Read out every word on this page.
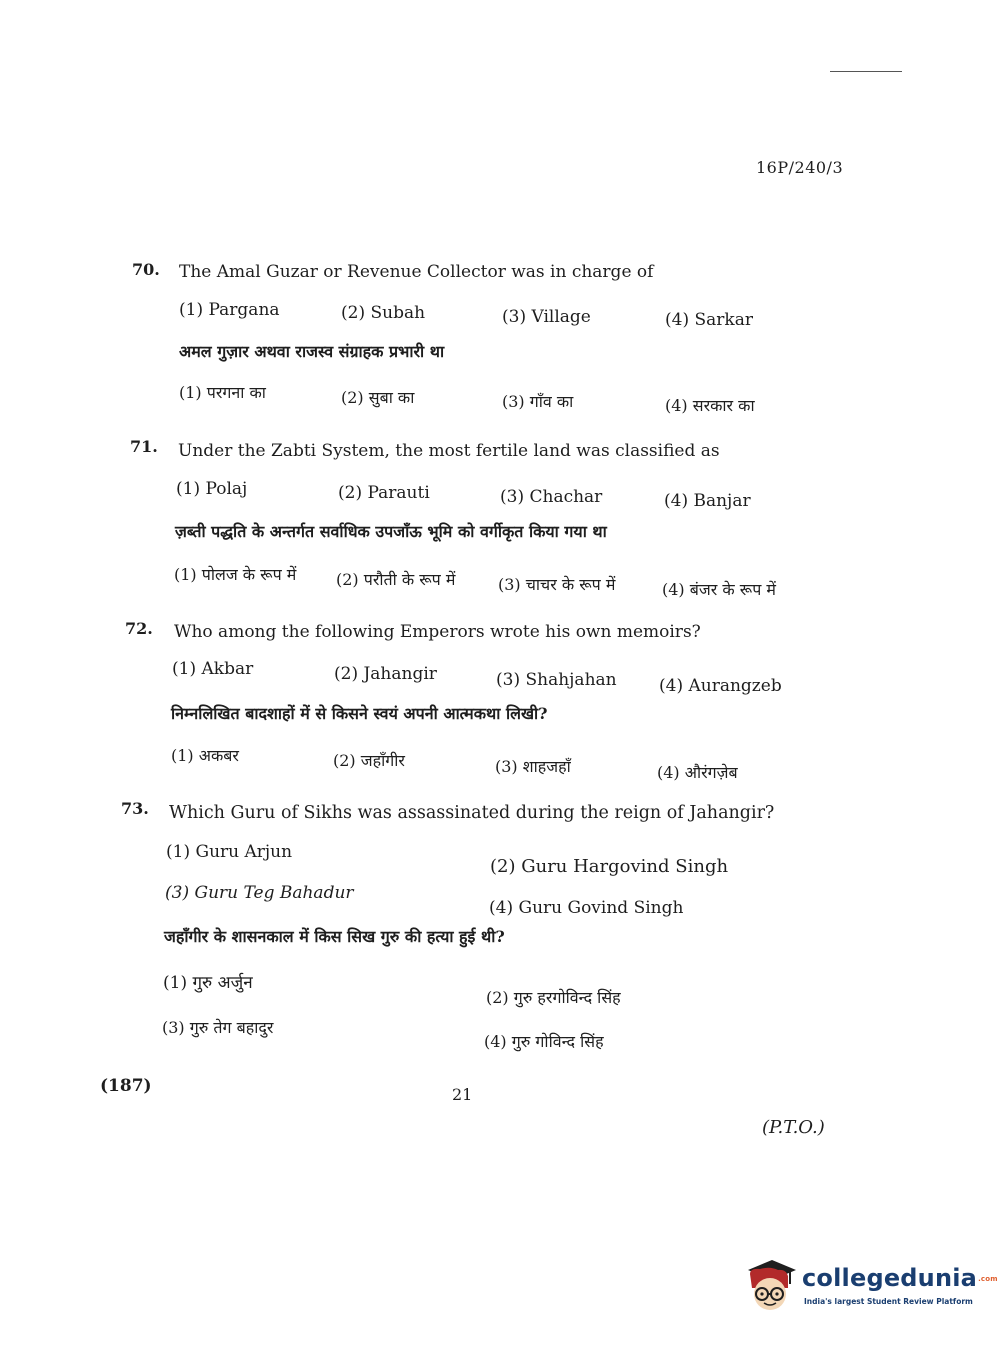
16P/240/3
70. The Amal Guzar or Revenue Collector was in charge of
(1) Pargana	(2) Subah	(3) Village	(4) Sarkar
अमल गुज़ार अथवा राजस्व संग्राहक प्रभारी था
(1) परगना का	(2) सुबा का	(3) गाँव का	(4) सरकार का
71. Under the Zabti System, the most fertile land was classified as
(1) Polaj	(2) Parauti	(3) Chachar	(4) Banjar
ज़ब्ती पद्धति के अन्तर्गत सर्वाधिक उपजाँऊ भूमि को वर्गीकृत किया गया था
(1) पोलज के रूप में (2) परौती के रूप में	(3) चाचर के रूप में	(4) बंजर के रूप में
72. Who among the following Emperors wrote his own memoirs?
(1) Akbar	(2) Jahangir	(3) Shahjahan (4) Aurangzeb
निम्नलिखित बादशाहों में से किसने स्वयं अपनी आत्मकथा लिखी?
(1) अकबर	(2) जहाँगीर	(3) शाहजहाँ	(4) औरंगज़ेब
73. Which Guru of Sikhs was assassinated during the reign of Jahangir?
(1) Guru Arjun
(2) Guru Hargovind Singh
(3) Guru Teg Bahadur
(4) Guru Govind Singh
जहाँगीर के शासनकाल में किस सिख गुरु की हत्या हुई थी?
(1) गुरु अर्जुन
(2) गुरु हरगोविन्द सिंह
(3) गुरु तेग बहादुर
(4) गुरु गोविन्द सिंह
(187)	21
(P.T.O.)
collegedunia.com
India's largest Student Review Platform
